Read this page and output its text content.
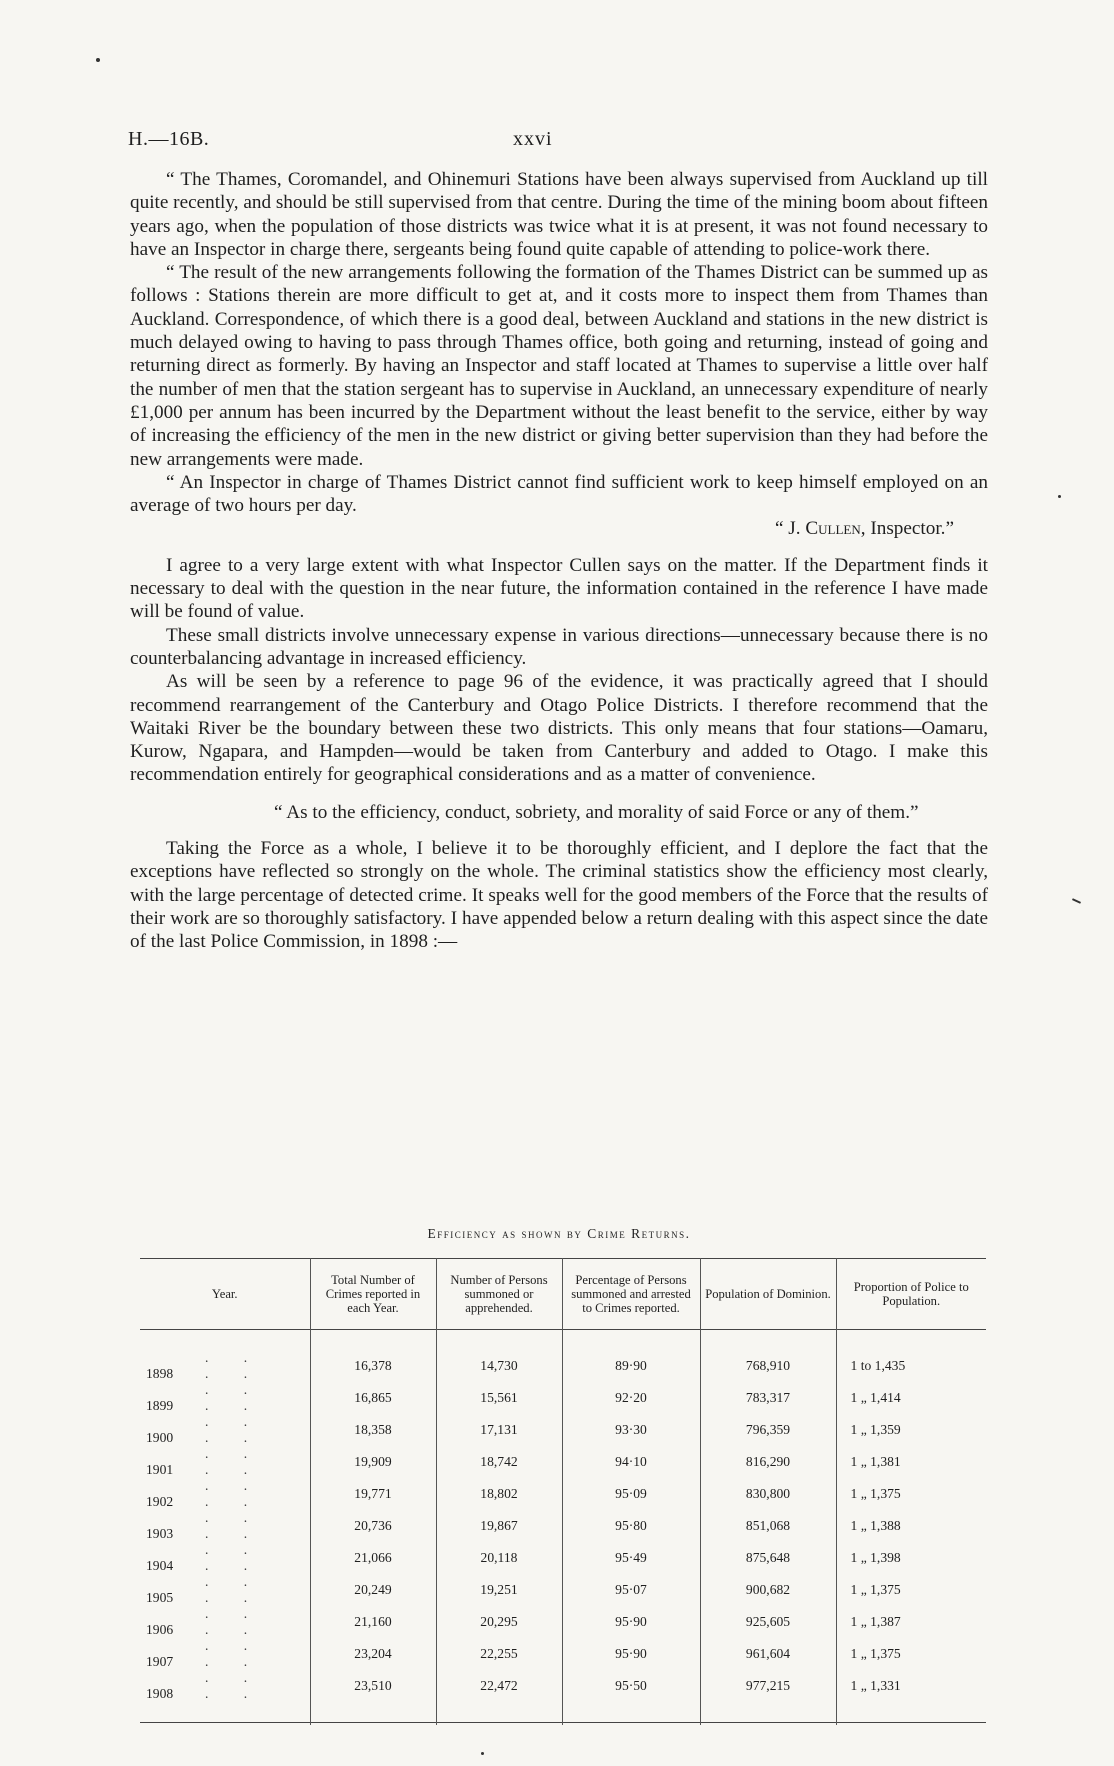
H.—16B.	xxvi

“ The Thames, Coromandel, and Ohinemuri Stations have been always supervised from Auckland up till quite recently, and should be still supervised from that centre. During the time of the mining boom about fifteen years ago, when the population of those districts was twice what it is at present, it was not found necessary to have an Inspector in charge there, sergeants being found quite capable of attending to police-work there.

“ The result of the new arrangements following the formation of the Thames District can be summed up as follows : Stations therein are more difficult to get at, and it costs more to inspect them from Thames than Auckland. Correspondence, of which there is a good deal, between Auckland and stations in the new district is much delayed owing to having to pass through Thames office, both going and returning, instead of going and returning direct as formerly. By having an Inspector and staff located at Thames to supervise a little over half the number of men that the station sergeant has to supervise in Auckland, an unnecessary expenditure of nearly £1,000 per annum has been incurred by the Department without the least benefit to the service, either by way of increasing the efficiency of the men in the new district or giving better supervision than they had before the new arrangements were made.

“ An Inspector in charge of Thames District cannot find sufficient work to keep himself employed on an average of two hours per day.

“ J. Cullen, Inspector.”

I agree to a very large extent with what Inspector Cullen says on the matter. If the Department finds it necessary to deal with the question in the near future, the information contained in the reference I have made will be found of value.

These small districts involve unnecessary expense in various directions—unnecessary because there is no counterbalancing advantage in increased efficiency.

As will be seen by a reference to page 96 of the evidence, it was practically agreed that I should recommend rearrangement of the Canterbury and Otago Police Districts. I therefore recommend that the Waitaki River be the boundary between these two districts. This only means that four stations—Oamaru, Kurow, Ngapara, and Hampden—would be taken from Canterbury and added to Otago. I make this recommendation entirely for geographical considerations and as a matter of convenience.

“ As to the efficiency, conduct, sobriety, and morality of said Force or any of them.”

Taking the Force as a whole, I believe it to be thoroughly efficient, and I deplore the fact that the exceptions have reflected so strongly on the whole. The criminal statistics show the efficiency most clearly, with the large percentage of detected crime. It speaks well for the good members of the Force that the results of their work are so thoroughly satisfactory. I have appended below a return dealing with this aspect since the date of the last Police Commission, in 1898 :—

Efficiency as shown by Crime Returns.
Year.	Total Number of Crimes reported in each Year.	Number of Persons summoned or apprehended.	Percentage of Persons summoned and arrested to Crimes reported.	Population of Dominion.	Proportion of Police to Population.

1898. . . .	16,378	14,730	89·90	768,910	1 to 1,435
1899. . . .	16,865	15,561	92·20	783,317	1 „ 1,414
1900. . . .	18,358	17,131	93·30	796,359	1 „ 1,359
1901. . . .	19,909	18,742	94·10	816,290	1 „ 1,381
1902. . . .	19,771	18,802	95·09	830,800	1 „ 1,375
1903. . . .	20,736	19,867	95·80	851,068	1 „ 1,388
1904. . . .	21,066	20,118	95·49	875,648	1 „ 1,398
1905. . . .	20,249	19,251	95·07	900,682	1 „ 1,375
1906. . . .	21,160	20,295	95·90	925,605	1 „ 1,387
1907. . . .	23,204	22,255	95·90	961,604	1 „ 1,375
1908. . . .	23,510	22,472	95·50	977,215	1 „ 1,331
